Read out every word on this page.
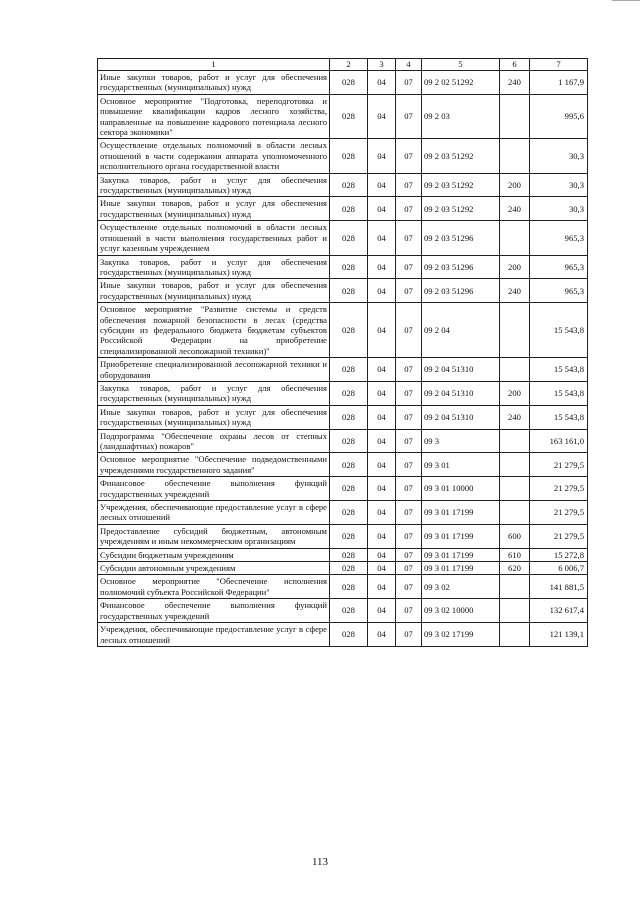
1	2	3	4	5	6	7
Иные закупки товаров, работ и услуг для обеспечения государственных (муниципальных) нужд	028	04	07	09 2 02 51292	240	1 167,9
Основное мероприятие "Подготовка, переподготовка и повышение квалификации кадров лесного хозяйства, направленные на повышение кадрового потенциала лесного сектора экономики"	028	04	07	09 2 03		995,6
Осуществление отдельных полномочий в области лесных отношений в части содержания аппарата уполномоченного исполнительного органа государственной власти	028	04	07	09 2 03 51292		30,3
Закупка товаров, работ и услуг для обеспечения государственных (муниципальных) нужд	028	04	07	09 2 03 51292	200	30,3
Иные закупки товаров, работ и услуг для обеспечения государственных (муниципальных) нужд	028	04	07	09 2 03 51292	240	30,3
Осуществление отдельных полномочий в области лесных отношений в части выполнения государственных работ и услуг казенным учреждением	028	04	07	09 2 03 51296		965,3
Закупка товаров, работ и услуг для обеспечения государственных (муниципальных) нужд	028	04	07	09 2 03 51296	200	965,3
Иные закупки товаров, работ и услуг для обеспечения государственных (муниципальных) нужд	028	04	07	09 2 03 51296	240	965,3
Основное мероприятие "Развитие системы и средств обеспечения пожарной безопасности в лесах (средства субсидии из федерального бюджета бюджетам субъектов Российской Федерации на приобретение специализированной лесопожарной техники)"	028	04	07	09 2 04		15 543,8
Приобретение специализированной лесопожарной техники и оборудования	028	04	07	09 2 04 51310		15 543,8
Закупка товаров, работ и услуг для обеспечения государственных (муниципальных) нужд	028	04	07	09 2 04 51310	200	15 543,8
Иные закупки товаров, работ и услуг для обеспечения государственных (муниципальных) нужд	028	04	07	09 2 04 51310	240	15 543,8
Подпрограмма "Обеспечение охраны лесов от степных (ландшафтных) пожаров"	028	04	07	09 3		163 161,0
Основное мероприятие "Обеспечение подведомственными учреждениями государственного задания"	028	04	07	09 3 01		21 279,5
Финансовое обеспечение выполнения функций государственных учреждений	028	04	07	09 3 01 10000		21 279,5
Учреждения, обеспечивающие предоставление услуг в сфере лесных отношений	028	04	07	09 3 01 17199		21 279,5
Предоставление субсидий бюджетным, автономным учреждениям и иным некоммерческим организациям	028	04	07	09 3 01 17199	600	21 279,5
Субсидии бюджетным учреждениям	028	04	07	09 3 01 17199	610	15 272,8
Субсидии автономным учреждениям	028	04	07	09 3 01 17199	620	6 006,7
Основное мероприятие "Обеспечение исполнения полномочий субъекта Российской Федерации"	028	04	07	09 3 02		141 881,5
Финансовое обеспечение выполнения функций государственных учреждений	028	04	07	09 3 02 10000		132 617,4
Учреждения, обеспечивающие предоставление услуг в сфере лесных отношений	028	04	07	09 3 02 17199		121 139,1
113
